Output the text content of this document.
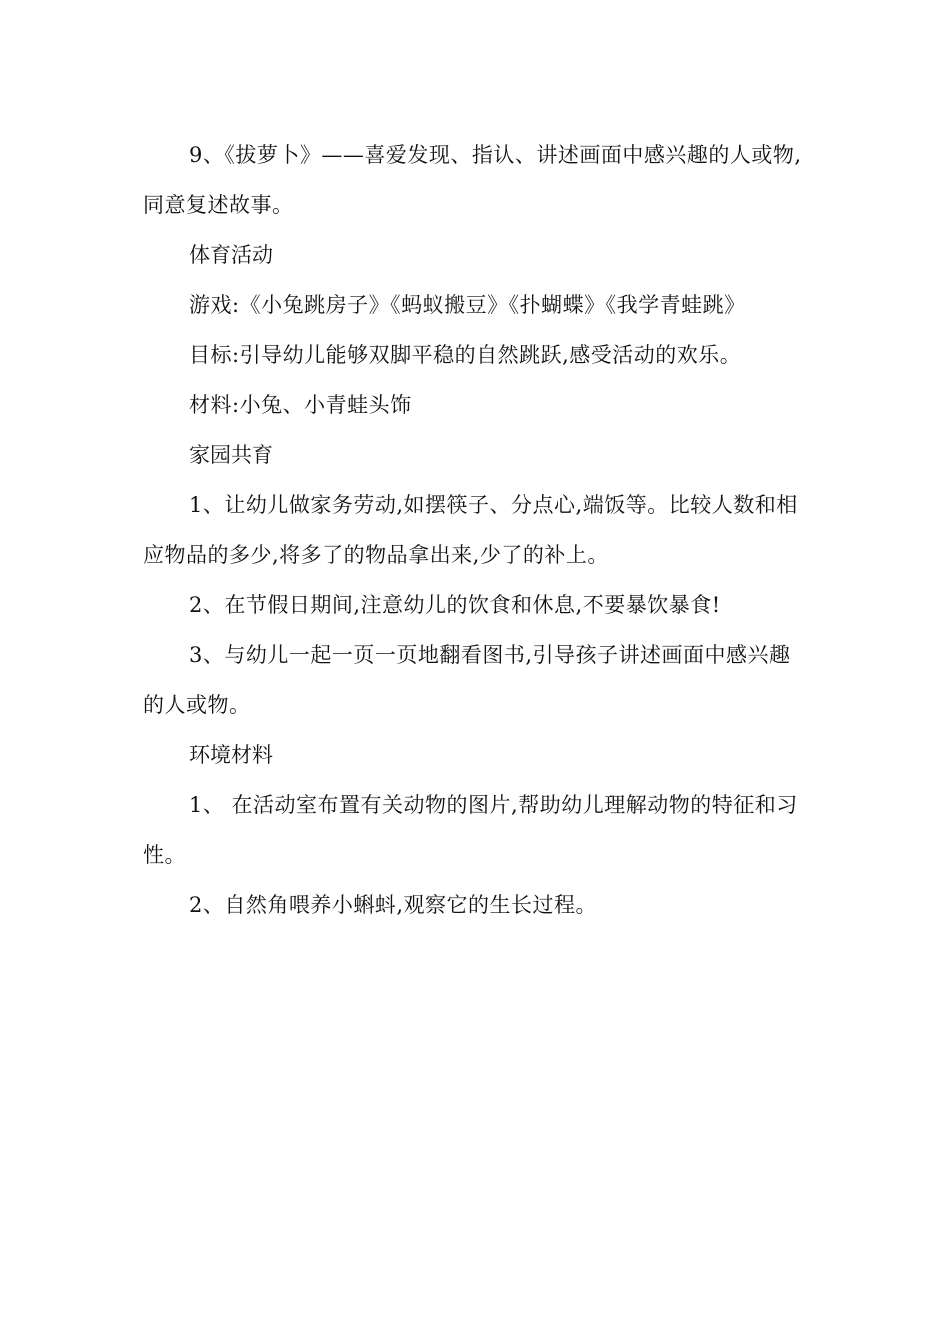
9、《拔萝卜》——喜爱发现、指认、讲述画面中感兴趣的人或物,同意复述故事。

体育活动

游戏:《小兔跳房子》《蚂蚁搬豆》《扑蝴蝶》《我学青蛙跳》

目标:引导幼儿能够双脚平稳的自然跳跃,感受活动的欢乐。

材料:小兔、小青蛙头饰

家园共育

1、让幼儿做家务劳动,如摆筷子、分点心,端饭等。比较人数和相应物品的多少,将多了的物品拿出来,少了的补上。

2、在节假日期间,注意幼儿的饮食和休息,不要暴饮暴食!

3、与幼儿一起一页一页地翻看图书,引导孩子讲述画面中感兴趣的人或物。

环境材料

1、 在活动室布置有关动物的图片,帮助幼儿理解动物的特征和习性。

2、自然角喂养小蝌蚪,观察它的生长过程。
